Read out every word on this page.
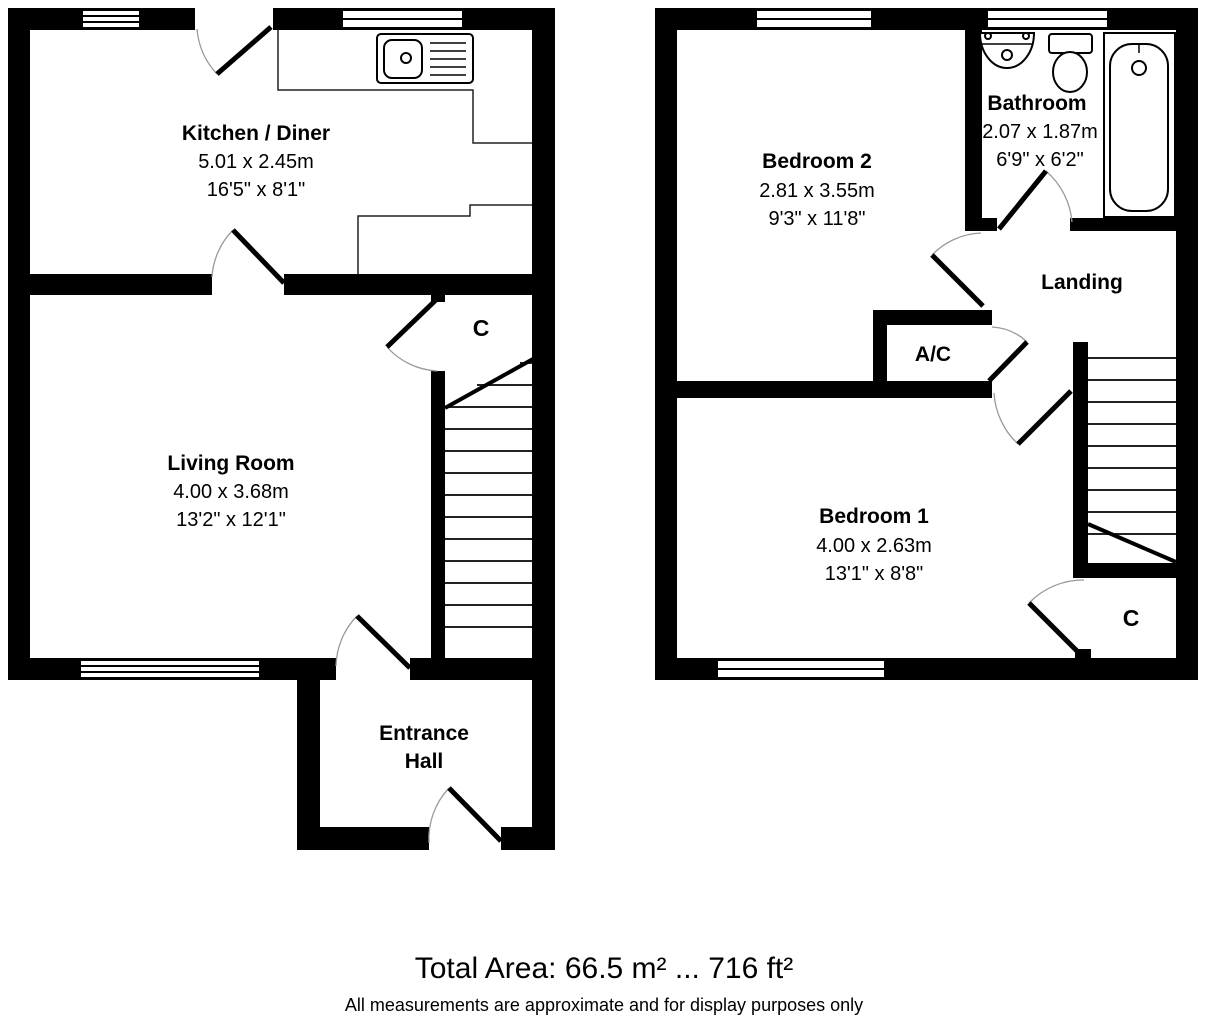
Kitchen / Diner
5.01 x 2.45m
16'5" x 8'1"
Living Room
4.00 x 3.68m
13'2" x 12'1"
Entrance
Hall
C
Bedroom 2
2.81 x 3.55m
9'3" x 11'8"
Bathroom
2.07 x 1.87m
6'9" x 6'2"
Landing
A/C
Bedroom 1
4.00 x 2.63m
13'1" x 8'8"
C
Total Area: 66.5 m² ... 716 ft²
All measurements are approximate and for display purposes only
